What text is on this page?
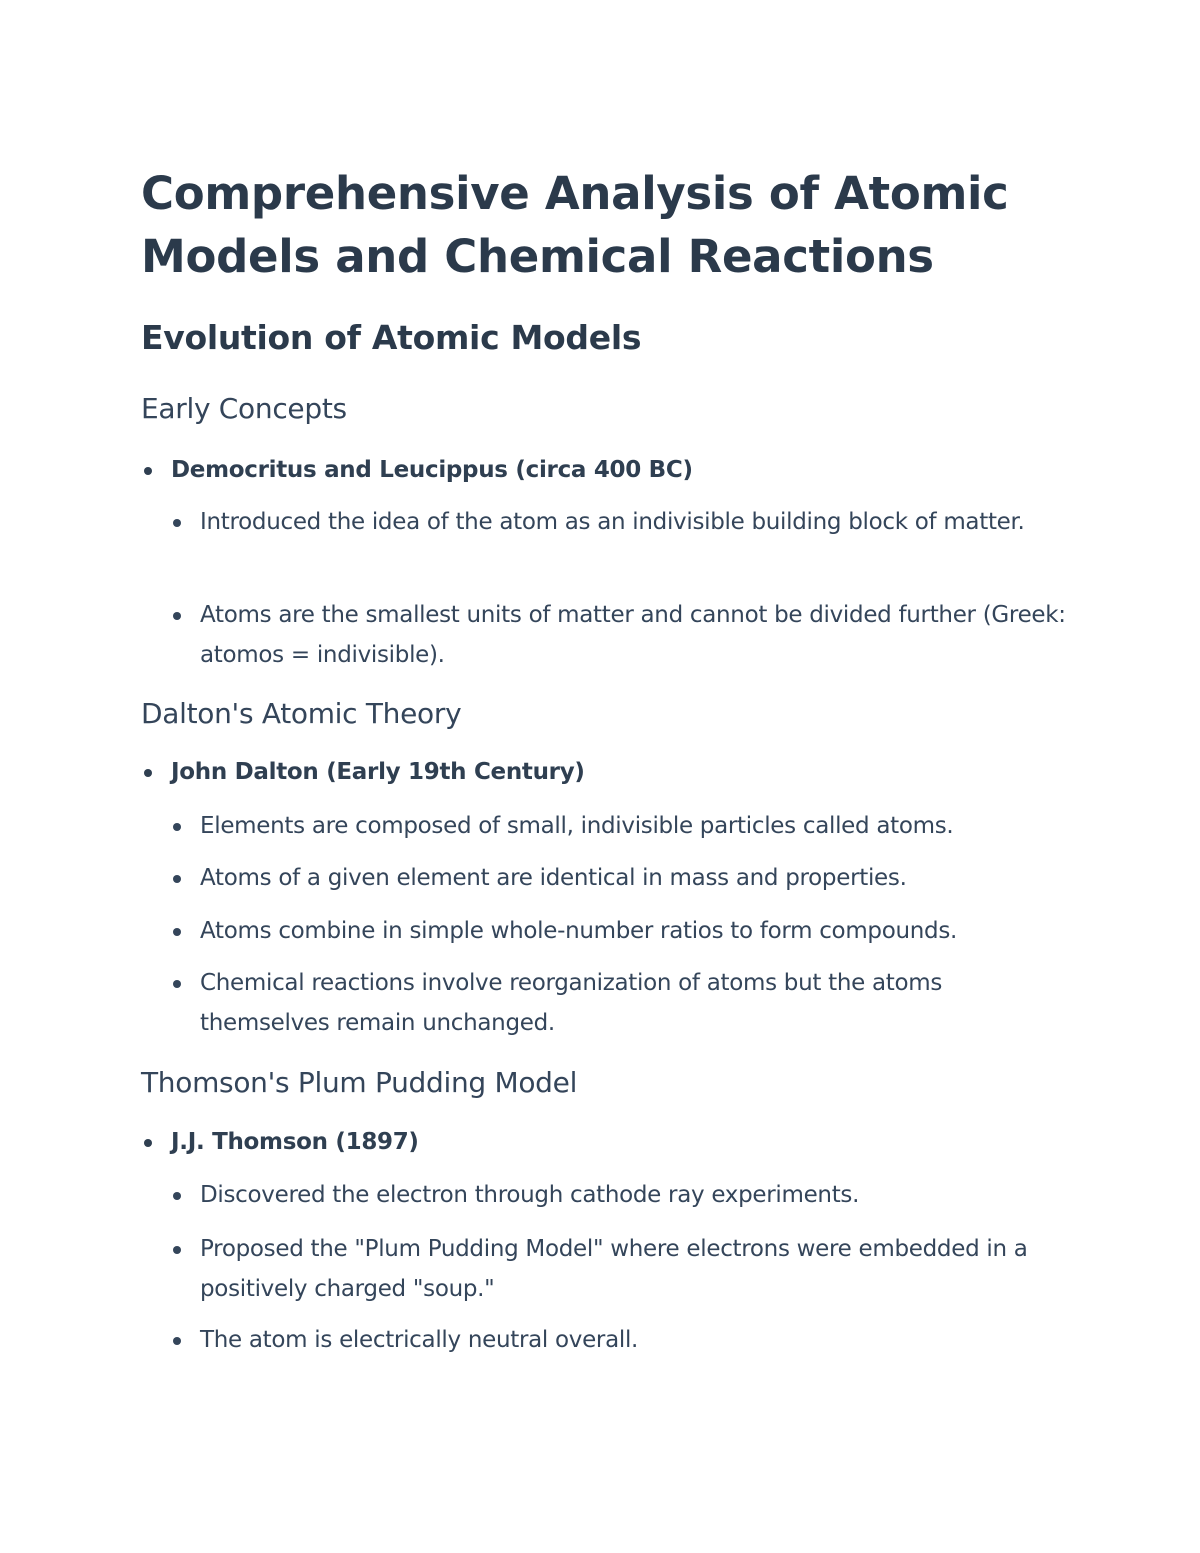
Comprehensive Analysis of Atomic Models and Chemical Reactions
Evolution of Atomic Models
Early Concepts
Democritus and Leucippus (circa 400 BC)
Introduced the idea of the atom as an indivisible building block of matter.
Atoms are the smallest units of matter and cannot be divided further (Greek: atomos = indivisible).
Dalton's Atomic Theory
John Dalton (Early 19th Century)
Elements are composed of small, indivisible particles called atoms.
Atoms of a given element are identical in mass and properties.
Atoms combine in simple whole-number ratios to form compounds.
Chemical reactions involve reorganization of atoms but the atoms themselves remain unchanged.
Thomson's Plum Pudding Model
J.J. Thomson (1897)
Discovered the electron through cathode ray experiments.
Proposed the "Plum Pudding Model" where electrons were embedded in a positively charged "soup."
The atom is electrically neutral overall.
